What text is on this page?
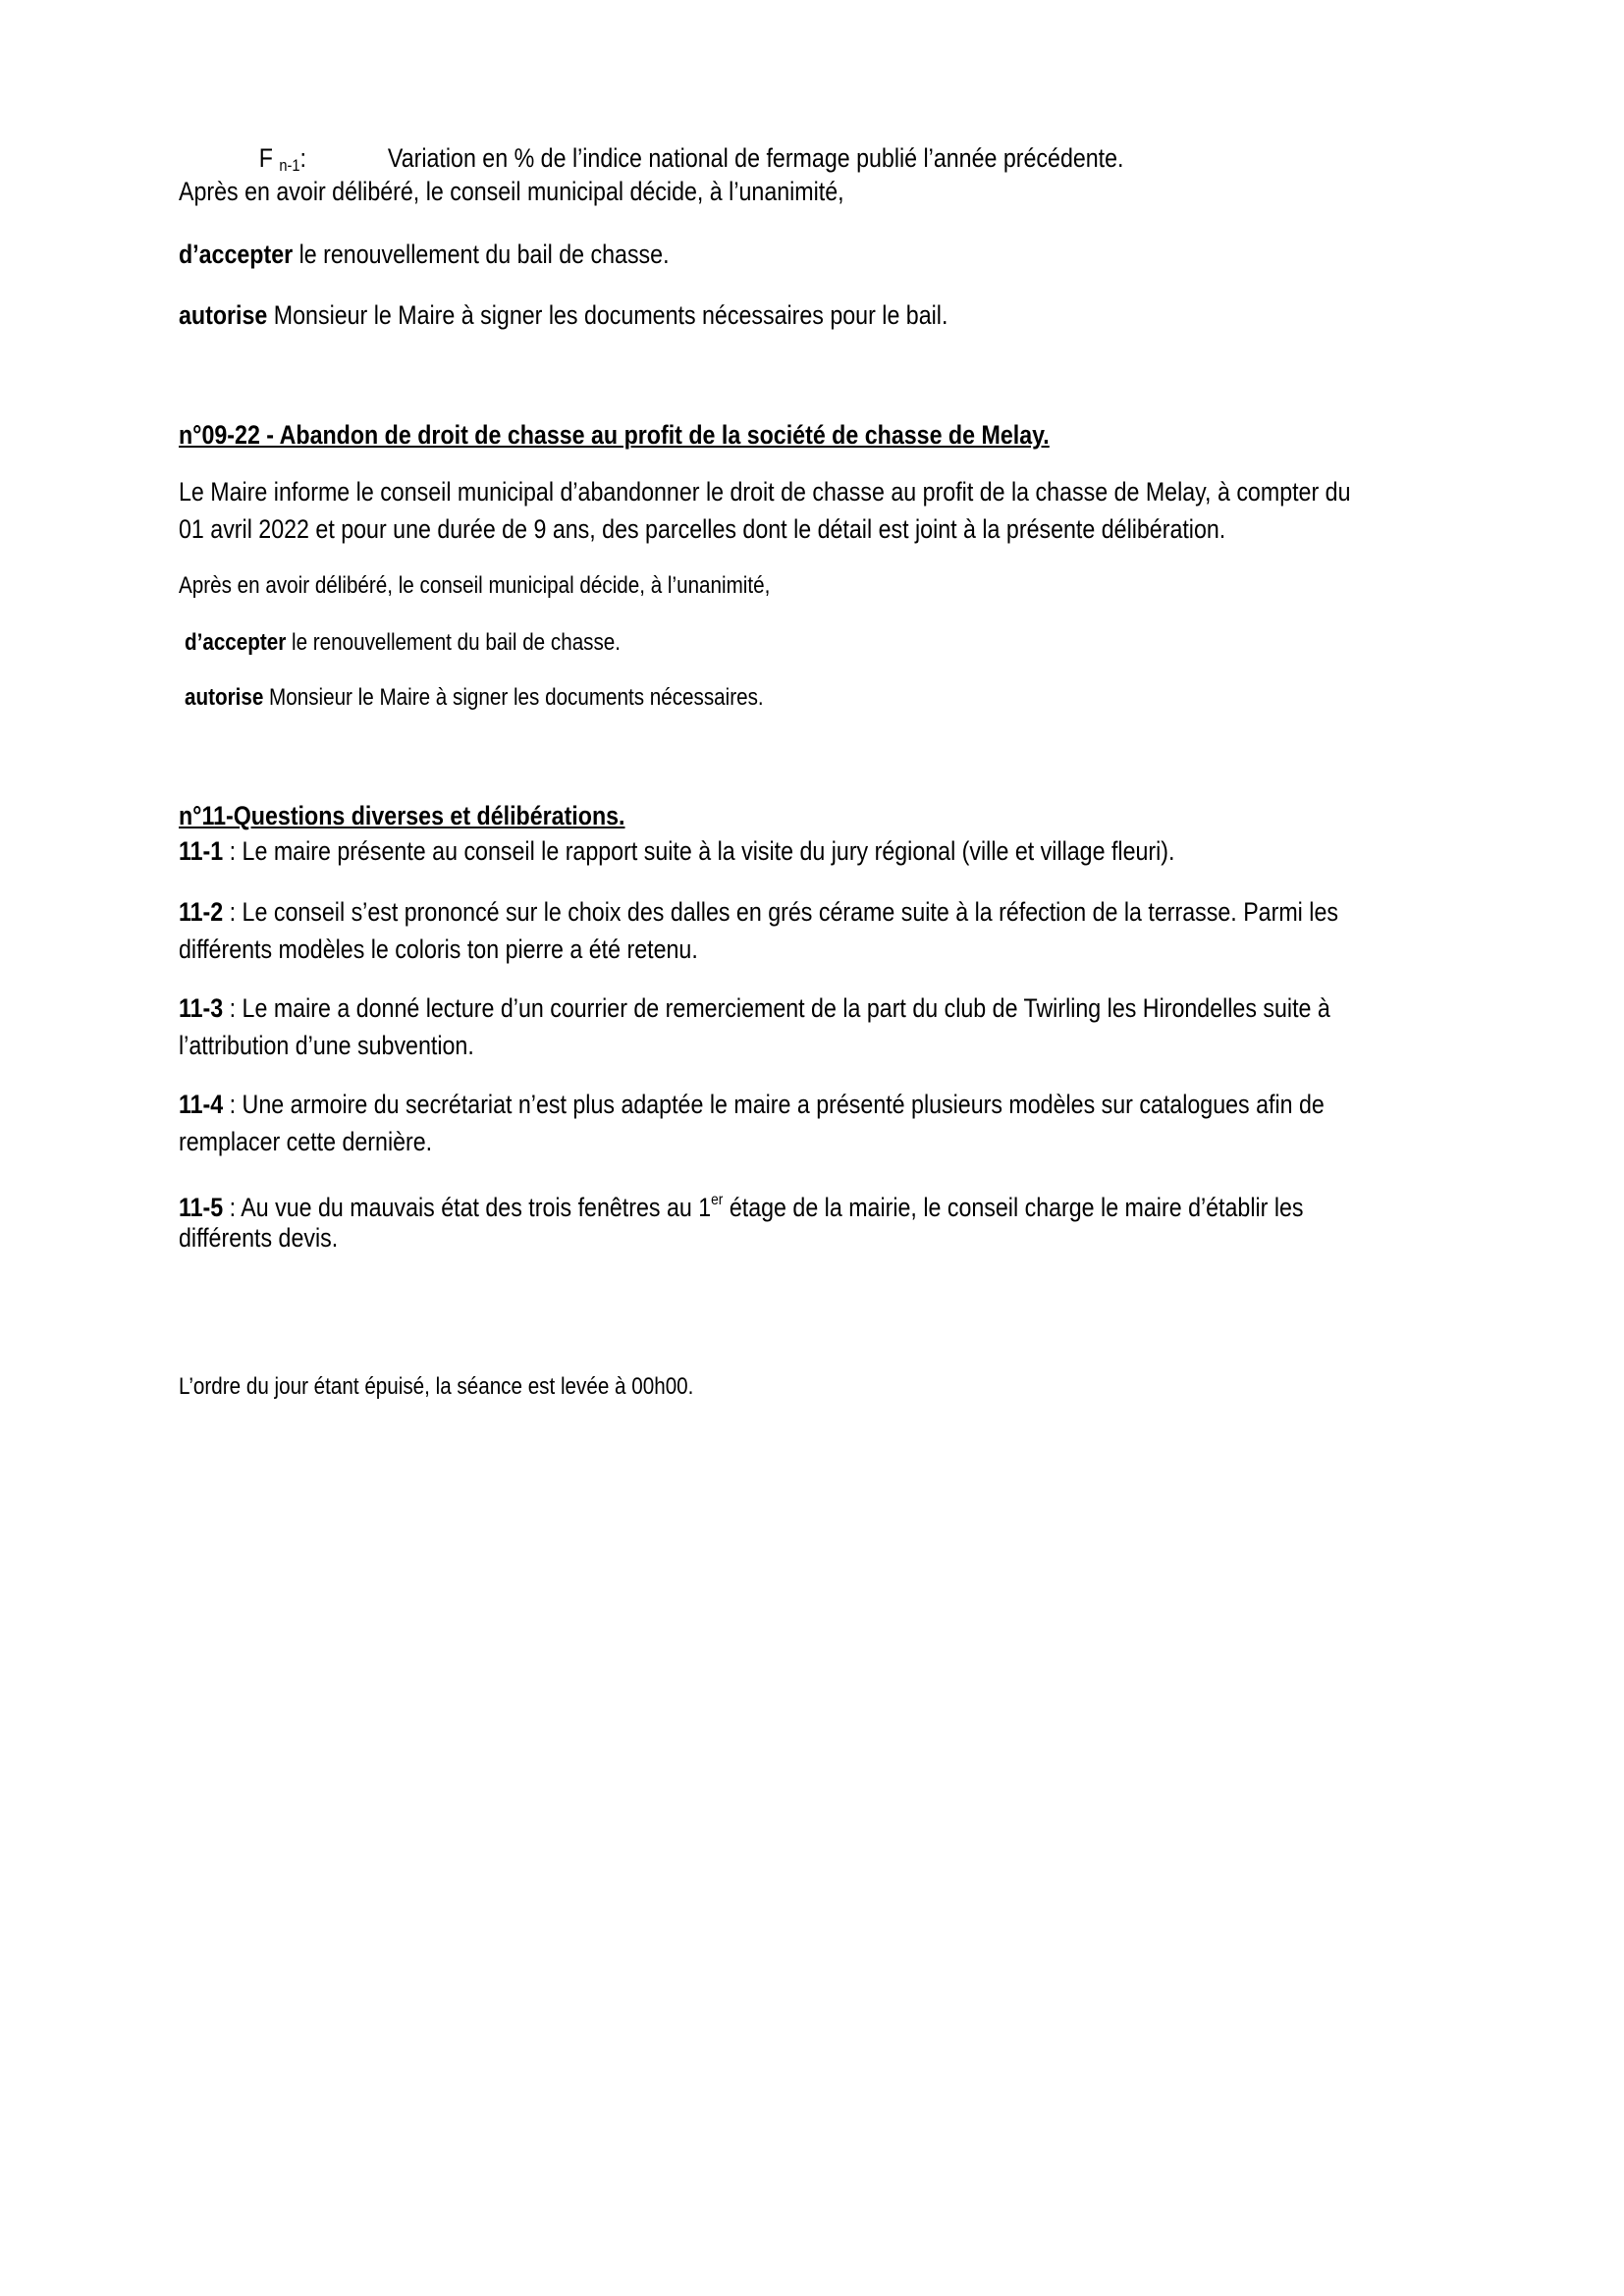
F $_{n-1}$:	Variation en % de l’indice national de fermage publié l’année précédente.
Après en avoir délibéré, le conseil municipal décide, à l’unanimité,
d’accepter le renouvellement du bail de chasse.
autorise Monsieur le Maire à signer les documents nécessaires pour le bail.
n°09-22 - Abandon de droit de chasse au profit de la société de chasse de Melay.
Le Maire informe le conseil municipal d’abandonner le droit de chasse au profit de la chasse de Melay, à compter du
01 avril 2022 et pour une durée de 9 ans, des parcelles dont le détail est joint à la présente délibération.
Après en avoir délibéré, le conseil municipal décide, à l’unanimité,
d’accepter le renouvellement du bail de chasse.
autorise Monsieur le Maire à signer les documents nécessaires.
n°11-Questions diverses et délibérations.
11-1 : Le maire présente au conseil le rapport suite à la visite du jury régional (ville et village fleuri).
11-2 : Le conseil s’est prononcé sur le choix des dalles en grés cérame suite à la réfection de la terrasse. Parmi les
différents modèles le coloris ton pierre a été retenu.
11-3 : Le maire a donné lecture d’un courrier de remerciement de la part du club de Twirling les Hirondelles suite à
l’attribution d’une subvention.
11-4 : Une armoire du secrétariat n’est plus adaptée le maire a présenté plusieurs modèles sur catalogues afin de
remplacer cette dernière.
11-5 : Au vue du mauvais état des trois fenêtres au 1er étage de la mairie, le conseil charge le maire d’établir les
différents devis.
L’ordre du jour étant épuisé, la séance est levée à 00h00.
